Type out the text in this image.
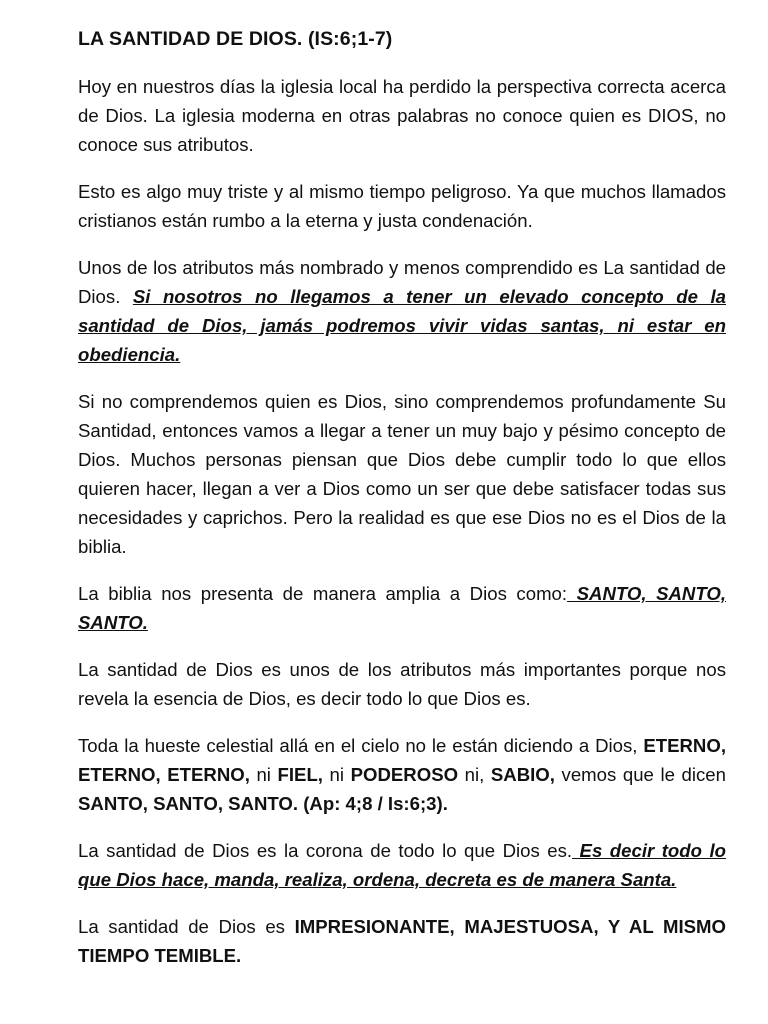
LA SANTIDAD DE DIOS. (IS:6;1-7)

Hoy en nuestros días la iglesia local ha perdido la perspectiva correcta acerca de Dios. La iglesia moderna en otras palabras no conoce quien es DIOS, no conoce sus atributos.

Esto es algo muy triste y al mismo tiempo peligroso. Ya que muchos llamados cristianos están rumbo a la eterna y justa condenación.

Unos de los atributos más nombrado y menos comprendido es La santidad de Dios. Si nosotros no llegamos a tener un elevado concepto de la santidad de Dios, jamás podremos vivir vidas santas, ni estar en obediencia.

Si no comprendemos quien es Dios, sino comprendemos profundamente Su Santidad, entonces vamos a llegar a tener un muy bajo y pésimo concepto de Dios. Muchos personas piensan que Dios debe cumplir todo lo que ellos quieren hacer, llegan a ver a Dios como un ser que debe satisfacer todas sus necesidades y caprichos. Pero la realidad es que ese Dios no es el Dios de la biblia.

La biblia nos presenta de manera amplia a Dios como: SANTO, SANTO, SANTO.

La santidad de Dios es unos de los atributos más importantes porque nos revela la esencia de Dios, es decir todo lo que Dios es.

Toda la hueste celestial allá en el cielo no le están diciendo a Dios, ETERNO, ETERNO, ETERNO, ni FIEL, ni PODEROSO ni, SABIO, vemos que le dicen SANTO, SANTO, SANTO. (Ap: 4;8 / Is:6;3).

La santidad de Dios es la corona de todo lo que Dios es. Es decir todo lo que Dios hace, manda, realiza, ordena, decreta es de manera Santa.

La santidad de Dios es IMPRESIONANTE, MAJESTUOSA, Y AL MISMO TIEMPO TEMIBLE.
